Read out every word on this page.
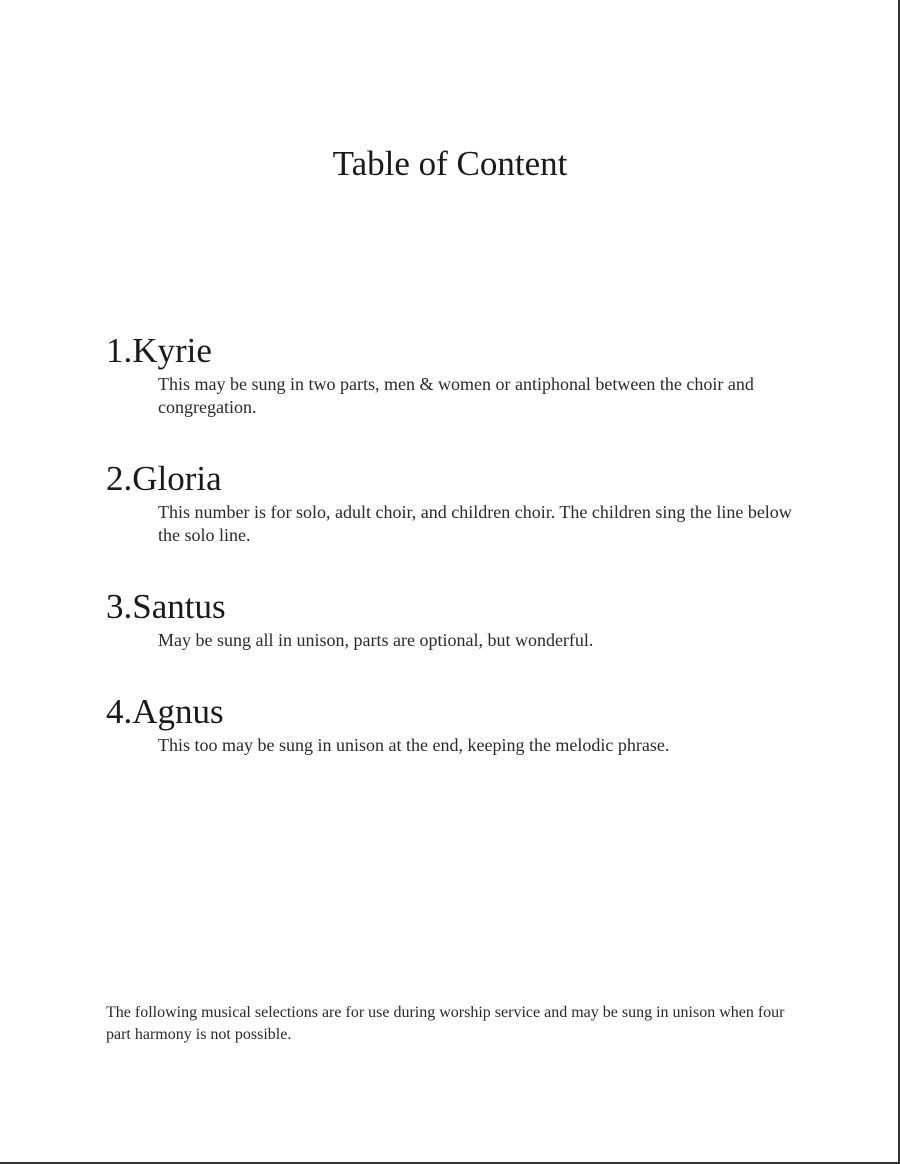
Table of Content
1.Kyrie

This may be sung in two parts, men & women or antiphonal between the choir and congregation.

2.Gloria

This number is for solo, adult choir, and children choir. The children sing the line below the solo line.

3.Santus

May be sung all in unison, parts are optional, but wonderful.

4.Agnus

This too may be sung in unison at the end, keeping the melodic phrase.

The following musical selections are for use during worship service and may be sung in unison when four part harmony is not possible.
